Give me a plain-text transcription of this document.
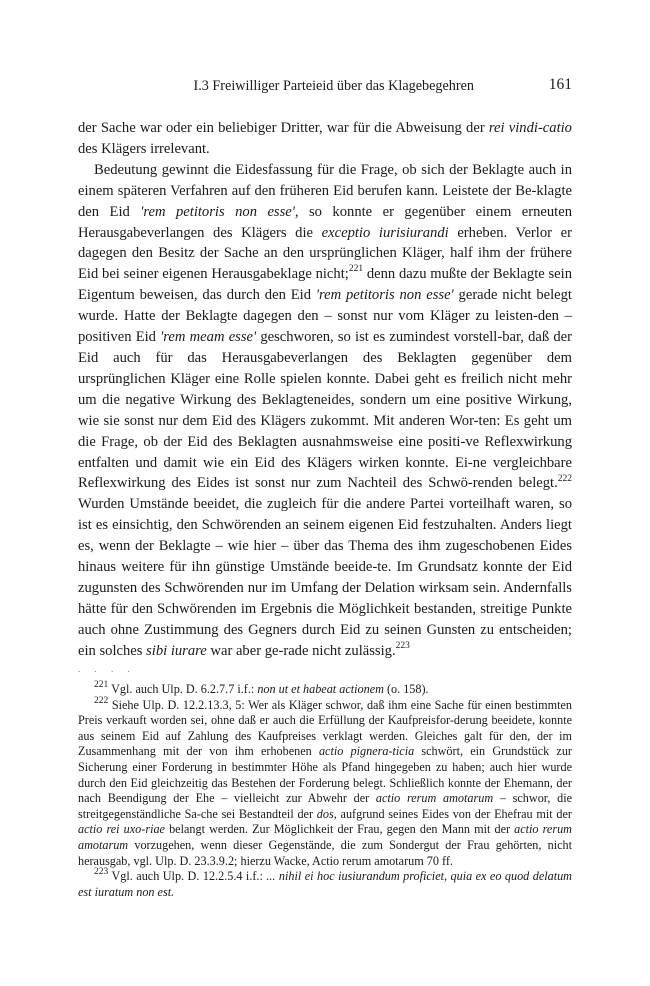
I.3 Freiwilliger Parteieid über das Klagebegehren	161

der Sache war oder ein beliebiger Dritter, war für die Abweisung der rei vindi-catio des Klägers irrelevant.

Bedeutung gewinnt die Eidesfassung für die Frage, ob sich der Beklagte auch in einem späteren Verfahren auf den früheren Eid berufen kann. Leistete der Be-klagte den Eid 'rem petitoris non esse', so konnte er gegenüber einem erneuten Herausgabeverlangen des Klägers die exceptio iurisiurandi erheben. Verlor er dagegen den Besitz der Sache an den ursprünglichen Kläger, half ihm der frühere Eid bei seiner eigenen Herausgabeklage nicht;$^{221}$ denn dazu mußte der Beklagte sein Eigentum beweisen, das durch den Eid 'rem petitoris non esse' gerade nicht belegt wurde. Hatte der Beklagte dagegen den – sonst nur vom Kläger zu leisten-den – positiven Eid 'rem meam esse' geschworen, so ist es zumindest vorstell-bar, daß der Eid auch für das Herausgabeverlangen des Beklagten gegenüber dem ursprünglichen Kläger eine Rolle spielen konnte. Dabei geht es freilich nicht mehr um die negative Wirkung des Beklagteneides, sondern um eine positive Wirkung, wie sie sonst nur dem Eid des Klägers zukommt. Mit anderen Wor-ten: Es geht um die Frage, ob der Eid des Beklagten ausnahmsweise eine positi-ve Reflexwirkung entfalten und damit wie ein Eid des Klägers wirken konnte. Ei-ne vergleichbare Reflexwirkung des Eides ist sonst nur zum Nachteil des Schwö-renden belegt.$^{222}$ Wurden Umstände beeidet, die zugleich für die andere Partei vorteilhaft waren, so ist es einsichtig, den Schwörenden an seinem eigenen Eid festzuhalten. Anders liegt es, wenn der Beklagte – wie hier – über das Thema des ihm zugeschobenen Eides hinaus weitere für ihn günstige Umstände beeide-te. Im Grundsatz konnte der Eid zugunsten des Schwörenden nur im Umfang der Delation wirksam sein. Andernfalls hätte für den Schwörenden im Ergebnis die Möglichkeit bestanden, streitige Punkte auch ohne Zustimmung des Gegners durch Eid zu seinen Gunsten zu entscheiden; ein solches sibi iurare war aber ge-rade nicht zulässig.$^{223}$

. . . .

$^{221}$ Vgl. auch Ulp. D. 6.2.7.7 i.f.: non ut et habeat actionem (o. 158).

$^{222}$ Siehe Ulp. D. 12.2.13.3, 5: Wer als Kläger schwor, daß ihm eine Sache für einen bestimmten Preis verkauft worden sei, ohne daß er auch die Erfüllung der Kaufpreisfor-derung beeidete, konnte aus seinem Eid auf Zahlung des Kaufpreises verklagt werden. Gleiches galt für den, der im Zusammenhang mit der von ihm erhobenen actio pignera-ticia schwört, ein Grundstück zur Sicherung einer Forderung in bestimmter Höhe als Pfand hingegeben zu haben; auch hier wurde durch den Eid gleichzeitig das Bestehen der Forderung belegt. Schließlich konnte der Ehemann, der nach Beendigung der Ehe – vielleicht zur Abwehr der actio rerum amotarum – schwor, die streitgegenständliche Sa-che sei Bestandteil der dos, aufgrund seines Eides von der Ehefrau mit der actio rei uxo-riae belangt werden. Zur Möglichkeit der Frau, gegen den Mann mit der actio rerum amotarum vorzugehen, wenn dieser Gegenstände, die zum Sondergut der Frau gehörten, nicht herausgab, vgl. Ulp. D. 23.3.9.2; hierzu Wacke, Actio rerum amotarum 70 ff.

$^{223}$ Vgl. auch Ulp. D. 12.2.5.4 i.f.: ... nihil ei hoc iusiurandum proficiet, quia ex eo quod delatum est iuratum non est.
